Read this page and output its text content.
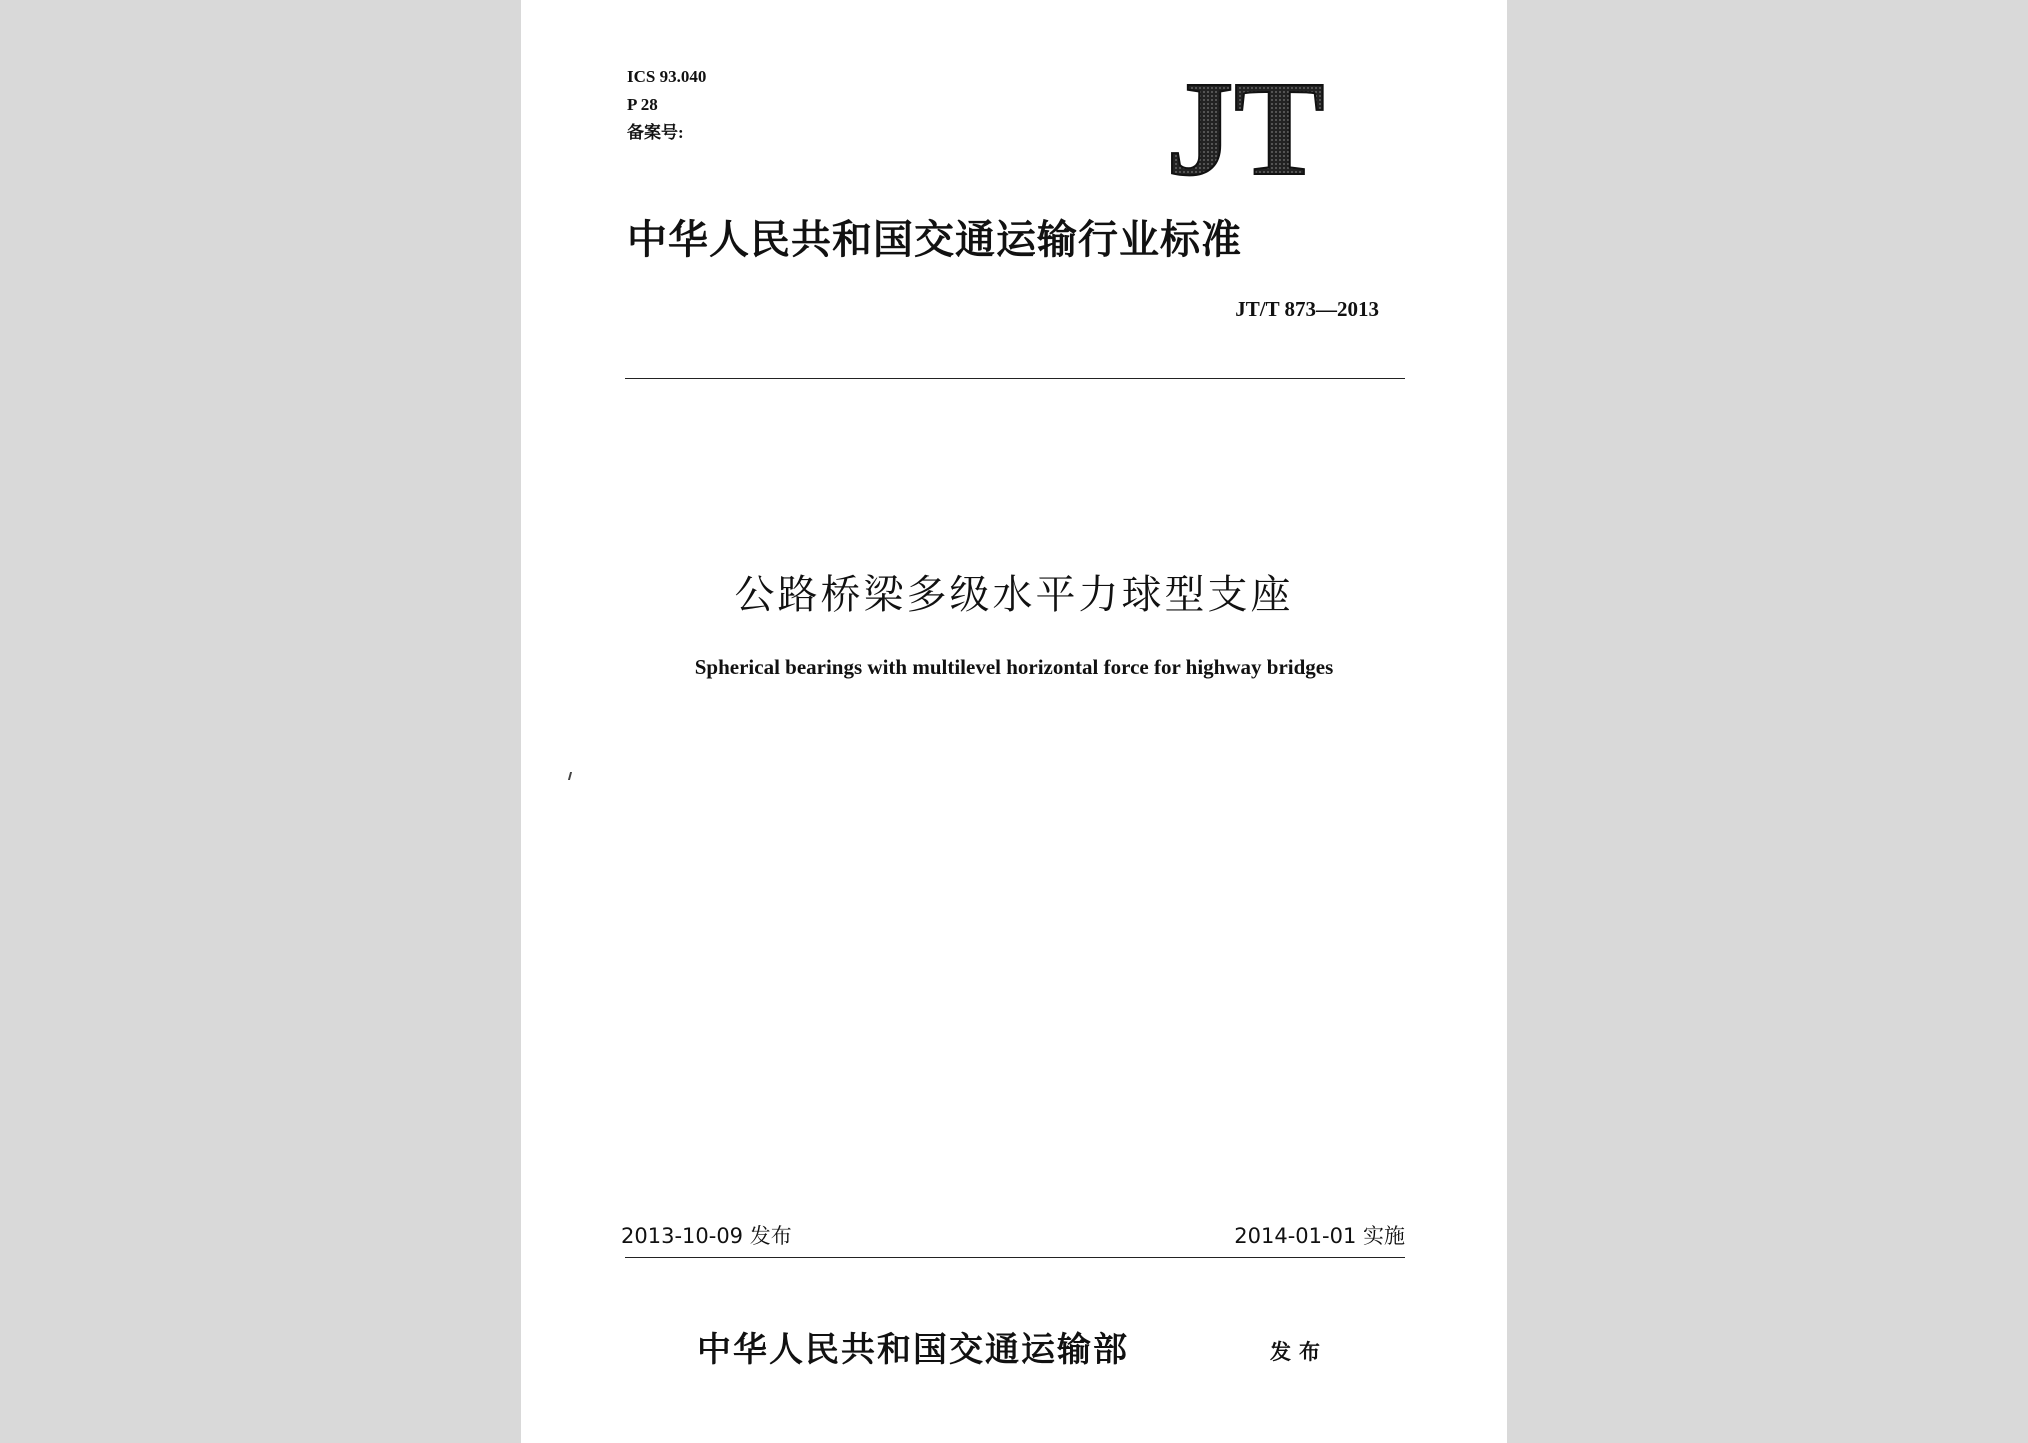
ICS 93.040
P 28
备案号:	JT
中华人民共和国交通运输行业标准
JT/T 873—2013
公路桥梁多级水平力球型支座
Spherical bearings with multilevel horizontal force for highway bridges
2013-10-09 发布	2014-01-01 实施
中华人民共和国交通运输部	发布
